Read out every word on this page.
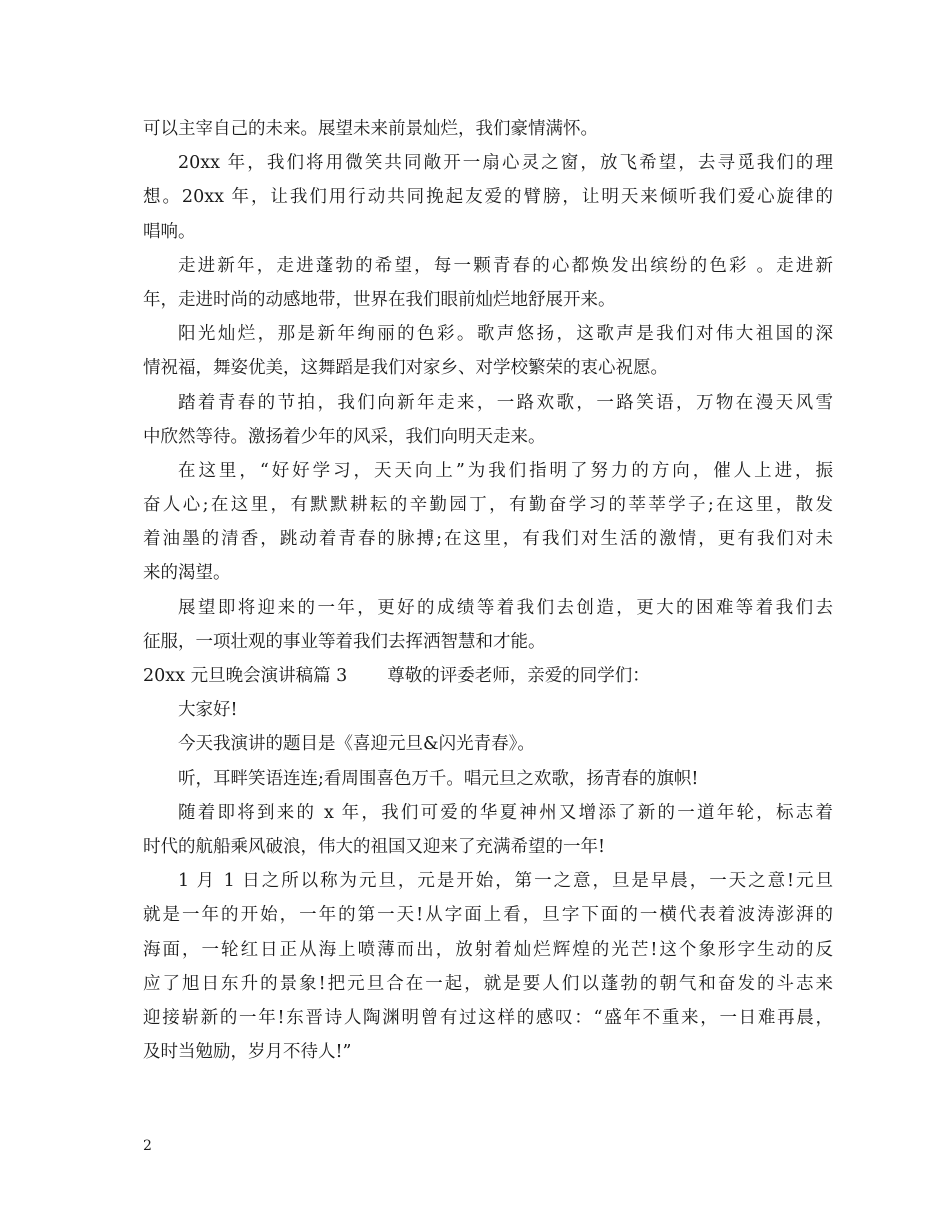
可以主宰自己的未来。展望未来前景灿烂，我们豪情满怀。
20xx 年，我们将用微笑共同敞开一扇心灵之窗，放飞希望，去寻觅我们的理
想。20xx 年，让我们用行动共同挽起友爱的臂膀，让明天来倾听我们爱心旋律的
唱响。
走进新年，走进蓬勃的希望，每一颗青春的心都焕发出缤纷的色彩 。走进新
年，走进时尚的动感地带，世界在我们眼前灿烂地舒展开来。
阳光灿烂，那是新年绚丽的色彩。歌声悠扬，这歌声是我们对伟大祖国的深
情祝福，舞姿优美，这舞蹈是我们对家乡、对学校繁荣的衷心祝愿。
踏着青春的节拍，我们向新年走来，一路欢歌，一路笑语，万物在漫天风雪
中欣然等待。激扬着少年的风采，我们向明天走来。
在这里，“好好学习，天天向上”为我们指明了努力的方向，催人上进，振
奋人心;在这里，有默默耕耘的辛勤园丁，有勤奋学习的莘莘学子;在这里，散发
着油墨的清香，跳动着青春的脉搏;在这里，有我们对生活的激情，更有我们对未
来的渴望。
展望即将迎来的一年，更好的成绩等着我们去创造，更大的困难等着我们去
征服，一项壮观的事业等着我们去挥洒智慧和才能。
20xx 元旦晚会演讲稿篇 3 尊敬的评委老师，亲爱的同学们：
大家好!
今天我演讲的题目是《喜迎元旦&闪光青春》。
听，耳畔笑语连连;看周围喜色万千。唱元旦之欢歌，扬青春的旗帜!
随着即将到来的 x 年，我们可爱的华夏神州又增添了新的一道年轮，标志着
时代的航船乘风破浪，伟大的祖国又迎来了充满希望的一年!
1 月 1 日之所以称为元旦，元是开始，第一之意，旦是早晨，一天之意!元旦
就是一年的开始，一年的第一天!从字面上看，旦字下面的一横代表着波涛澎湃的
海面，一轮红日正从海上喷薄而出，放射着灿烂辉煌的光芒!这个象形字生动的反
应了旭日东升的景象!把元旦合在一起，就是要人们以蓬勃的朝气和奋发的斗志来
迎接崭新的一年!东晋诗人陶渊明曾有过这样的感叹：“盛年不重来，一日难再晨，
及时当勉励，岁月不待人!”
2
